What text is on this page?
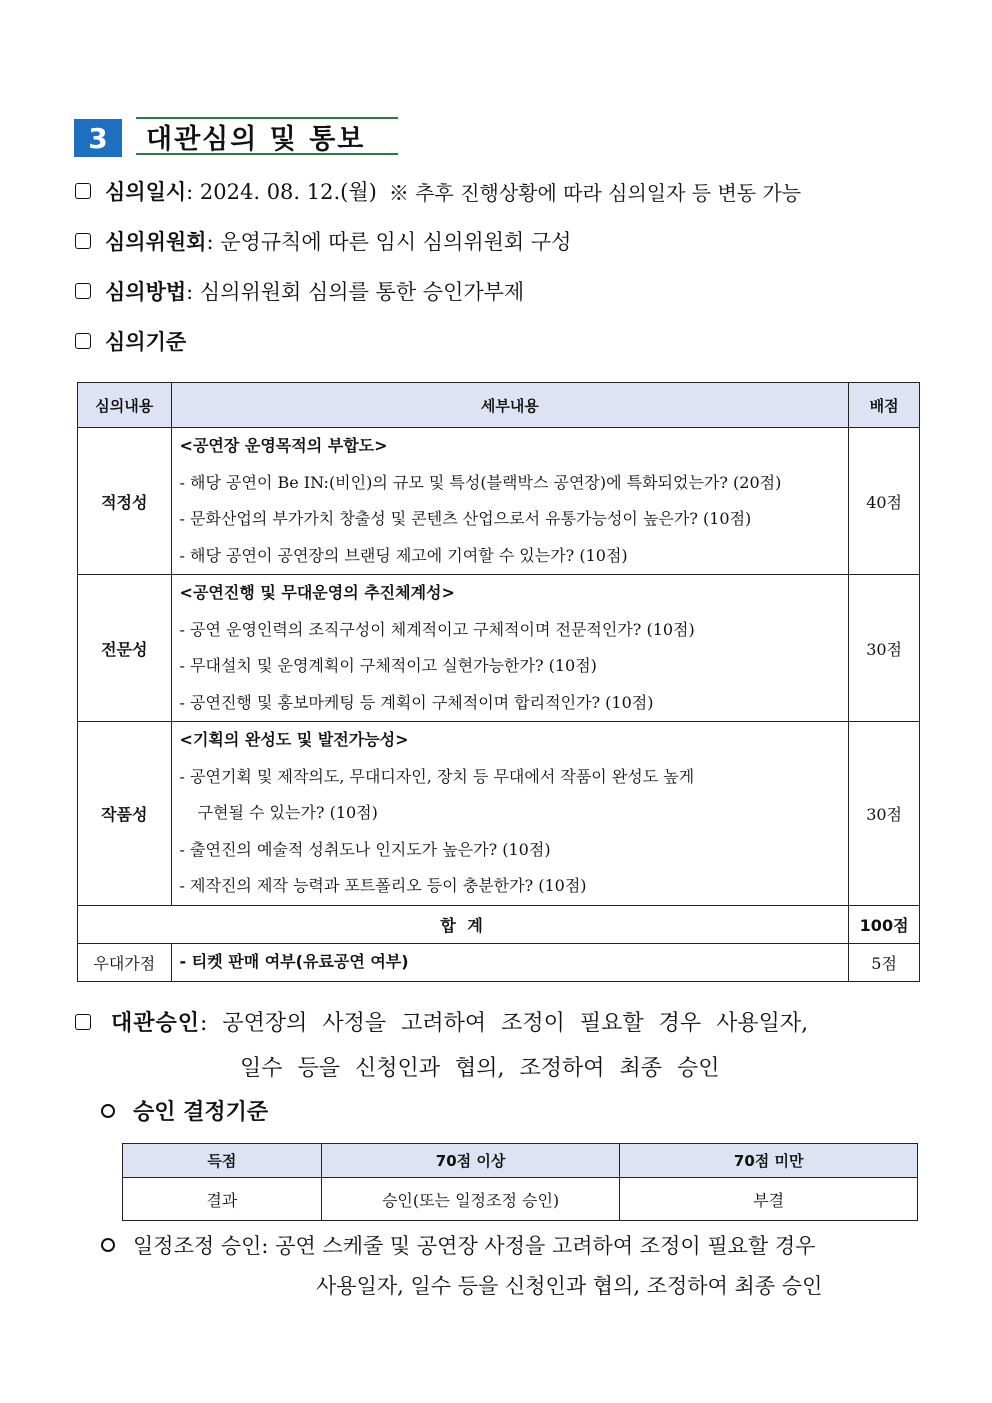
3	대관심의 및 통보
심의일시 : 2024. 08. 12.(월) ※ 추후 진행상황에 따라 심의일자 등 변동 가능
심의위원회 : 운영규칙에 따른 임시 심의위원회 구성
심의방법 : 심의위원회 심의를 통한 승인가부제
심의기준
심의내용	세부내용	배점
적정성	<공연장 운영목적의 부합도>
- 해당 공연이 Be IN:(비인)의 규모 및 특성(블랙박스 공연장)에 특화되었는가? (20점)
- 문화산업의 부가가치 창출성 및 콘텐츠 산업으로서 유통가능성이 높은가? (10점)
- 해당 공연이 공연장의 브랜딩 제고에 기여할 수 있는가? (10점)	40점
전문성	<공연진행 및 무대운영의 추진체계성>
- 공연 운영인력의 조직구성이 체계적이고 구체적이며 전문적인가? (10점)
- 무대설치 및 운영계획이 구체적이고 실현가능한가? (10점)
- 공연진행 및 홍보마케팅 등 계획이 구체적이며 합리적인가? (10점)	30점
작품성	<기획의 완성도 및 발전가능성>
- 공연기획 및 제작의도, 무대디자인, 장치 등 무대에서 작품이 완성도 높게
구현될 수 있는가? (10점)
- 출연진의 예술적 성취도나 인지도가 높은가? (10점)
- 제작진의 제작 능력과 포트폴리오 등이 충분한가? (10점)	30점
합 계		100점
우대가점	- 티켓 판매 여부(유료공연 여부)	5점
대관승인 : 공연장의 사정을 고려하여 조정이 필요할 경우 사용일자,
일수 등을 신청인과 협의, 조정하여 최종 승인
승인 결정기준
득점	70점 이상	70점 미만
결과	승인(또는 일정조정 승인)	부결
일정조정 승인 : 공연 스케줄 및 공연장 사정을 고려하여 조정이 필요할 경우
사용일자, 일수 등을 신청인과 협의, 조정하여 최종 승인
